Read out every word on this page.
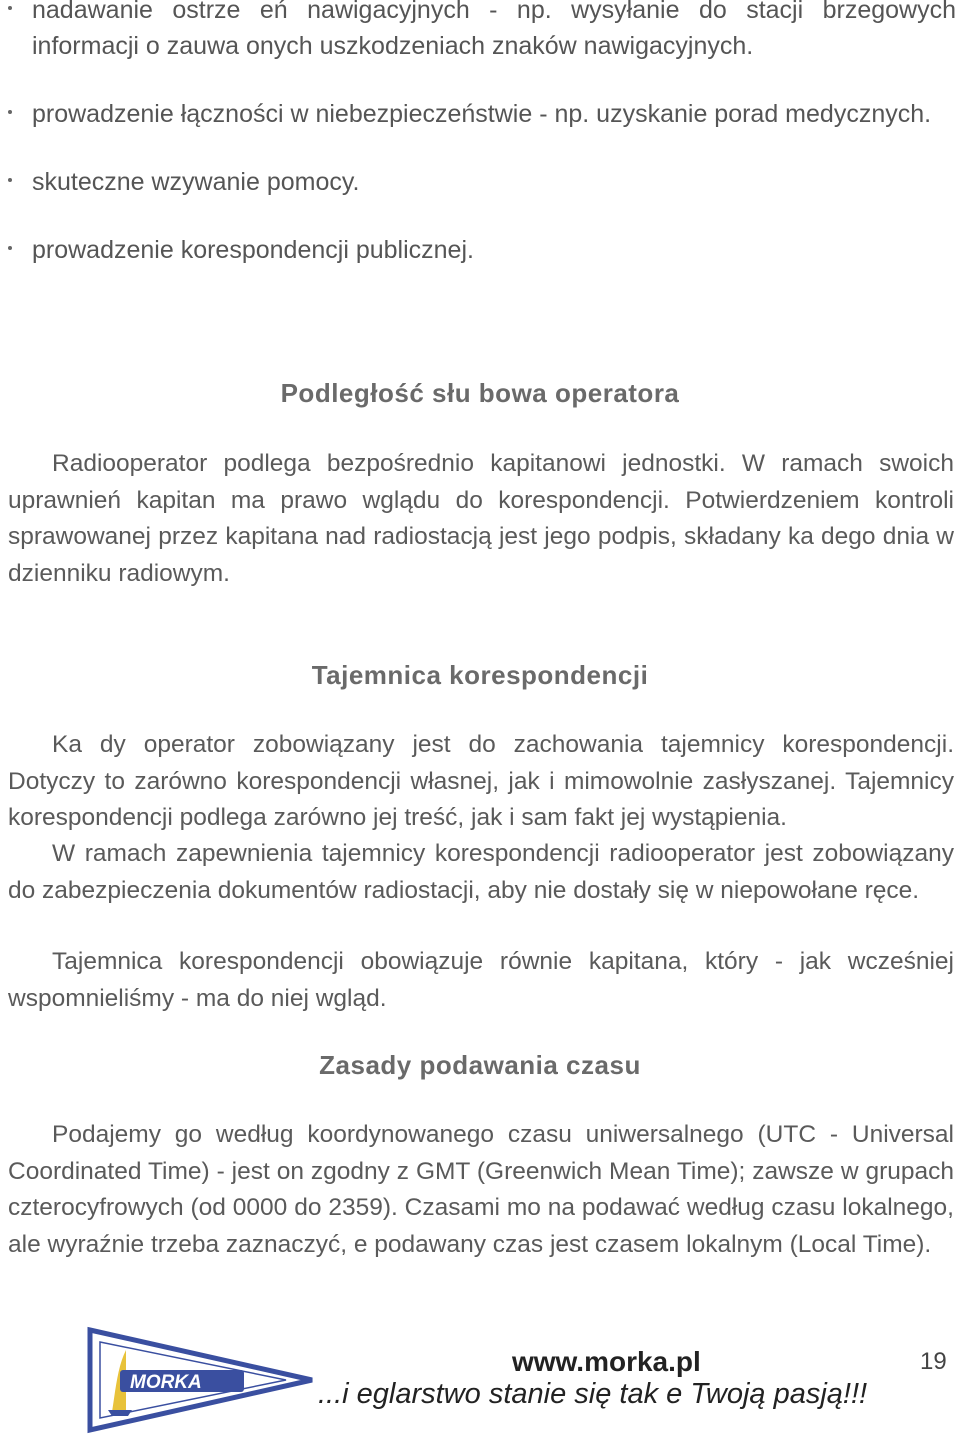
nadawanie ostrze eń nawigacyjnych - np. wysyłanie do stacji brzegowych informacji o zauwa onych uszkodzeniach znaków nawigacyjnych.
prowadzenie łączności w niebezpieczeństwie - np. uzyskanie porad medycznych.
skuteczne wzywanie pomocy.
prowadzenie korespondencji publicznej.
Podległość słu bowa operatora

Radiooperator podlega bezpośrednio kapitanowi jednostki. W ramach swoich uprawnień kapitan ma prawo wglądu do korespondencji. Potwierdzeniem kontroli sprawowanej przez kapitana nad radiostacją jest jego podpis, składany ka dego dnia w dzienniku radiowym.

Tajemnica korespondencji

Ka dy operator zobowiązany jest do zachowania tajemnicy korespondencji. Dotyczy to zarówno korespondencji własnej, jak i mimowolnie zasłyszanej. Tajemnicy korespondencji podlega zarówno jej treść, jak i sam fakt jej wystąpienia.

W ramach zapewnienia tajemnicy korespondencji radiooperator jest zobowiązany do zabezpieczenia dokumentów radiostacji, aby nie dostały się w niepowołane ręce.

Tajemnica korespondencji obowiązuje równie kapitana, który - jak wcześniej wspomnieliśmy - ma do niej wgląd.

Zasady podawania czasu

Podajemy go według koordynowanego czasu uniwersalnego (UTC - Universal Coordinated Time) - jest on zgodny z GMT (Greenwich Mean Time); zawsze w grupach czterocyfrowych (od 0000 do 2359). Czasami mo na podawać według czasu lokalnego, ale wyraźnie trzeba zaznaczyć, e podawany czas jest czasem lokalnym (Local Time).

MORKA
www.morka.pl	19
...i eglarstwo stanie się tak e Twoją pasją!!!
